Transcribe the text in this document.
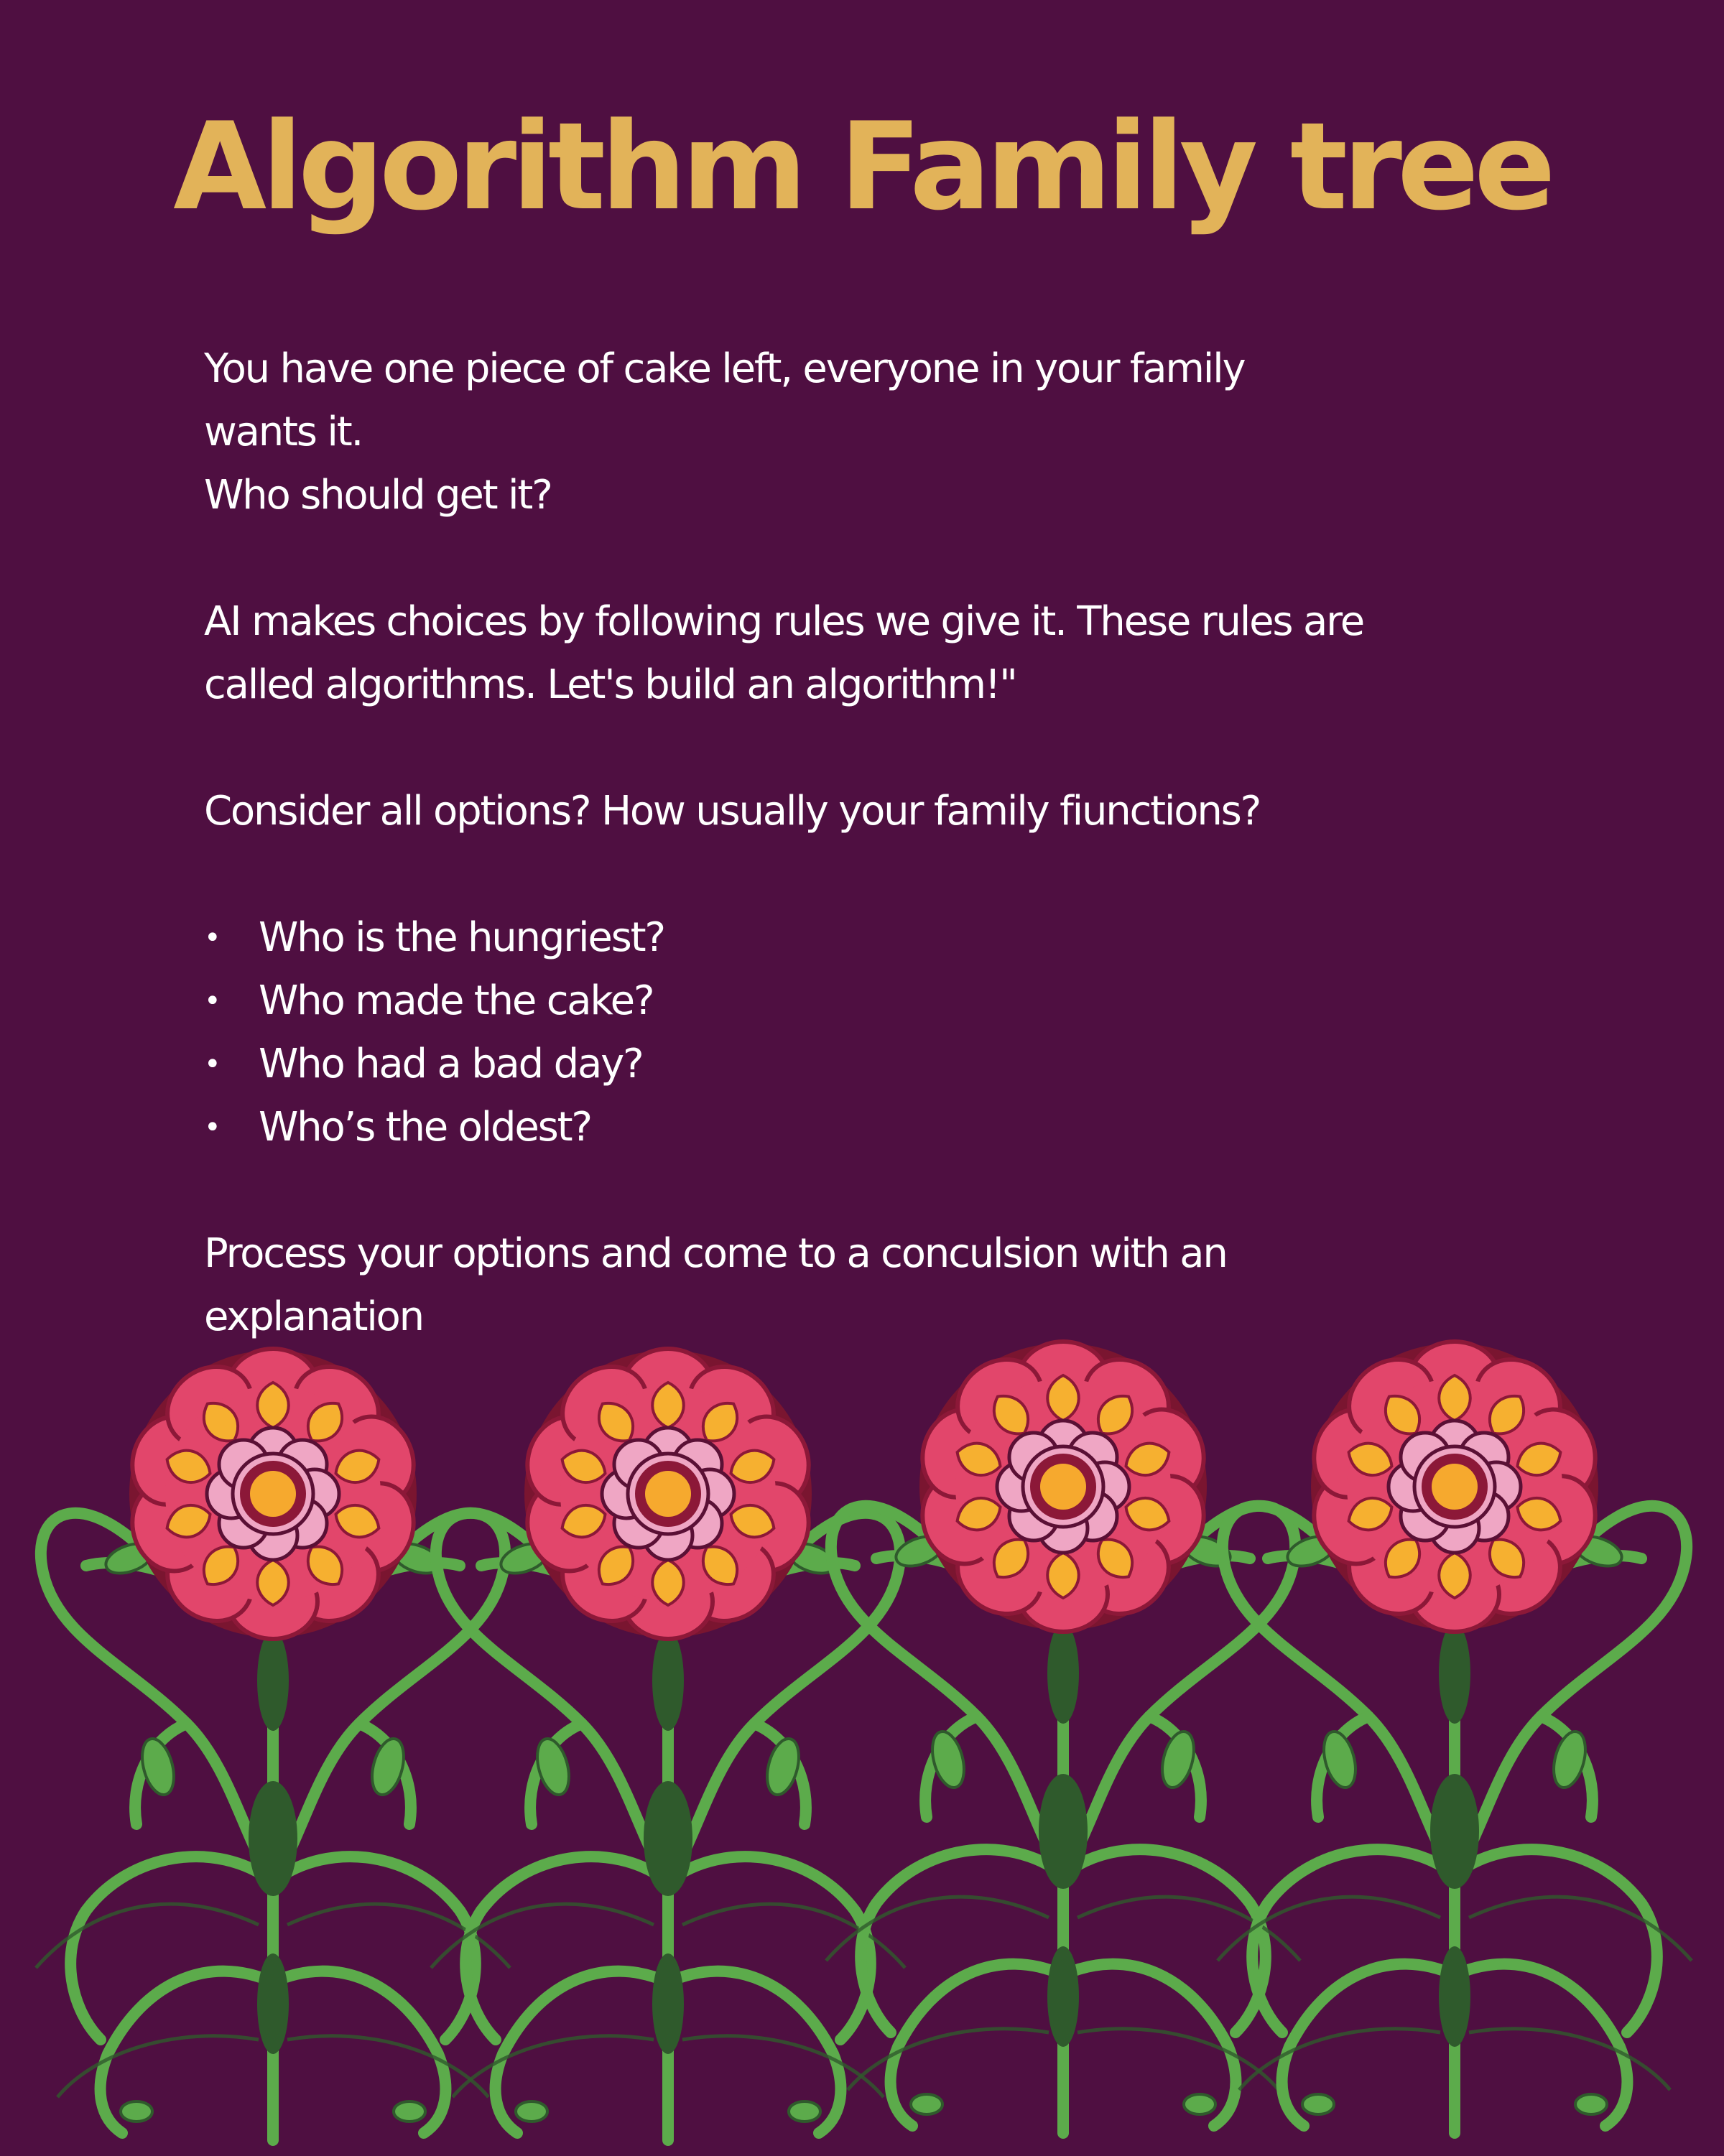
Algorithm Family tree

You have one piece of cake left, everyone in your family

wants it.

Who should get it?

AI makes choices by following rules we give it. These rules are

called algorithms. Let's build an algorithm!"

Consider all options? How usually your family fiunctions?

• Who is the hungriest?
• Who made the cake?
• Who had a bad day?
• Who’s the oldest?

Process your options and come to a conculsion with an

explanation
